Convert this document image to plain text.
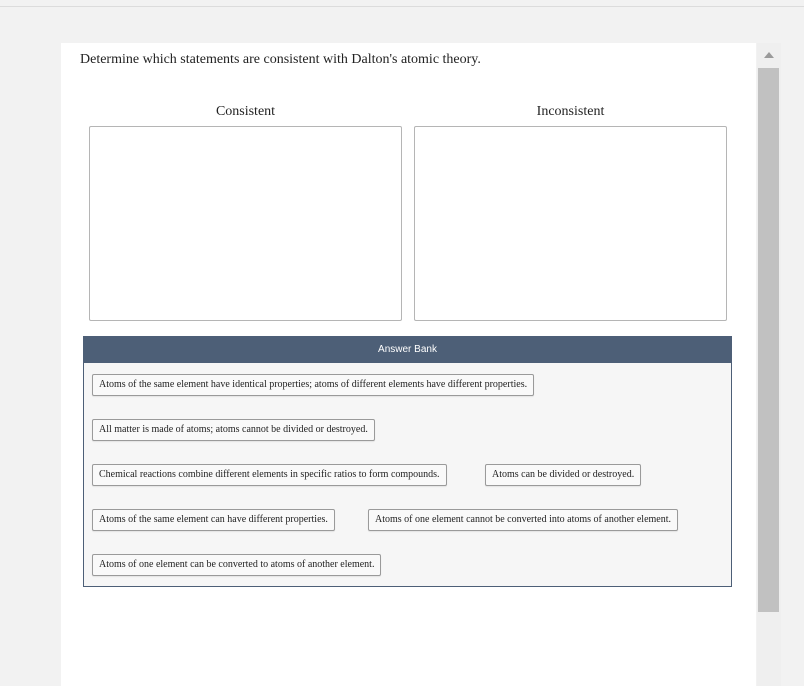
Determine which statements are consistent with Dalton's atomic theory.
Consistent	Inconsistent
Answer Bank
Atoms of the same element have identical properties; atoms of different elements have different properties.
All matter is made of atoms; atoms cannot be divided or destroyed.
Chemical reactions combine different elements in specific ratios to form compounds.	Atoms can be divided or destroyed.
Atoms of the same element can have different properties.	Atoms of one element cannot be converted into atoms of another element.
Atoms of one element can be converted to atoms of another element.
